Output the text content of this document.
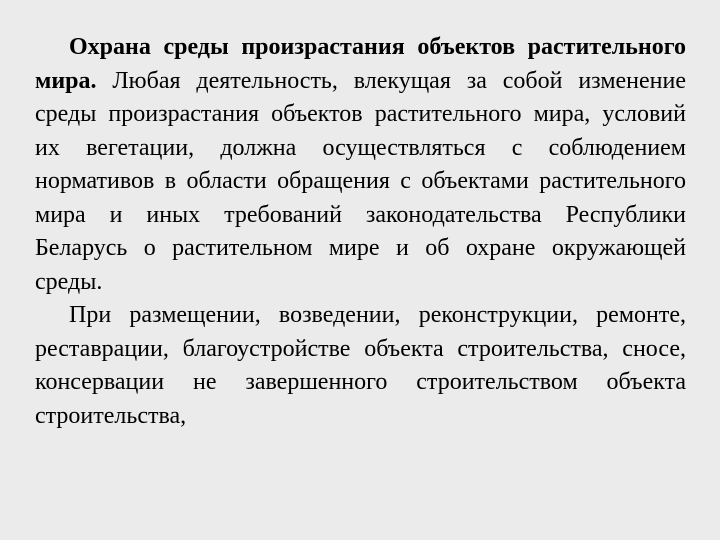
Охрана среды произрастания объектов растительного мира. Любая деятельность, влекущая за собой изменение среды произрастания объектов растительного мира, условий их вегетации, должна осуществляться с соблюдением нормативов в области обращения с объектами растительного мира и иных требований законодательства Республики Беларусь о растительном мире и об охране окружающей среды.

При размещении, возведении, реконструкции, ремонте, реставрации, благоустройстве объекта строительства, сносе, консервации не завершенного строительством объекта строительства,
